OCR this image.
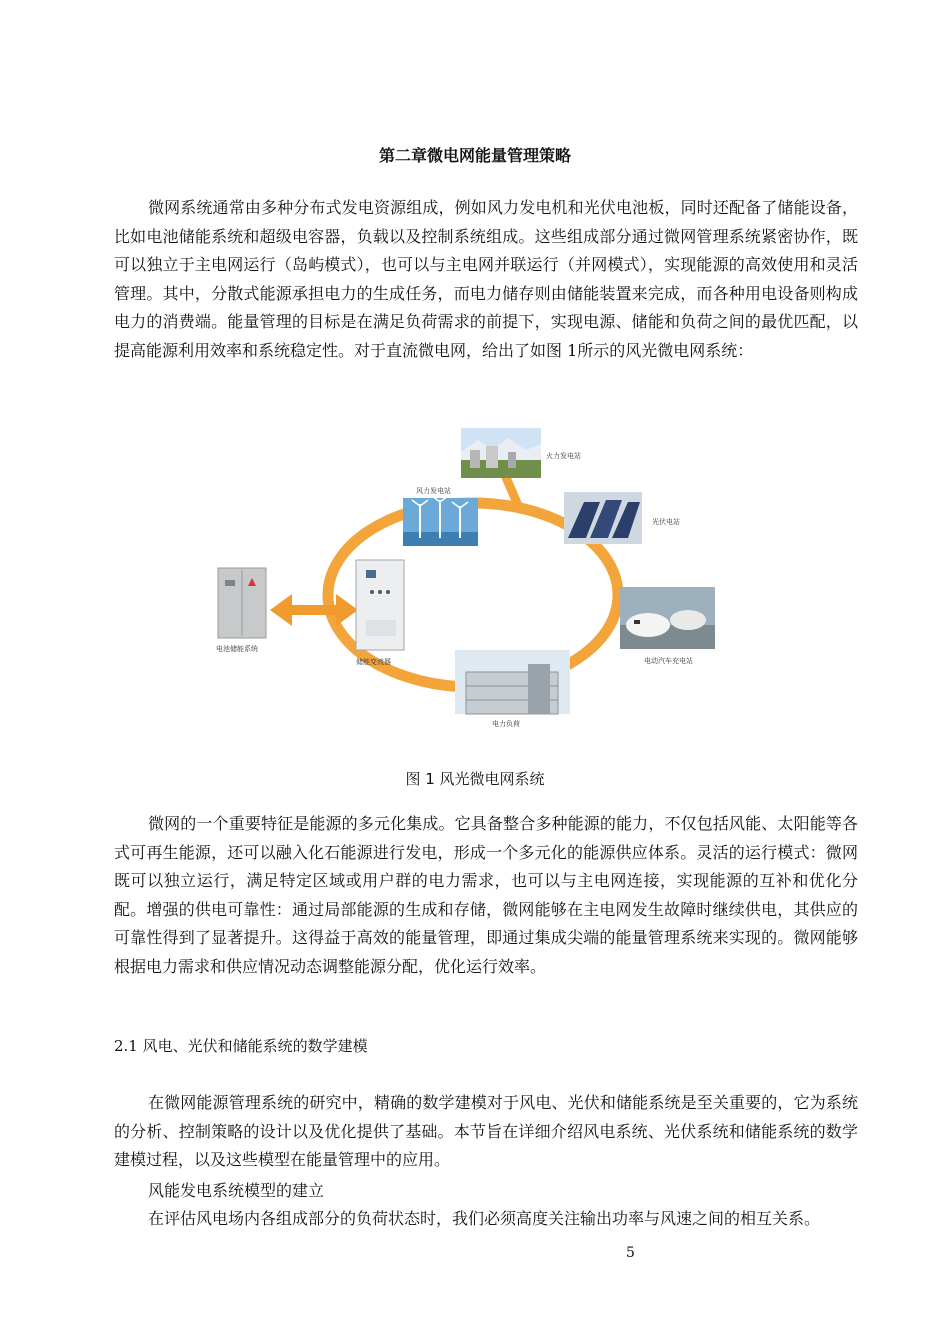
第二章微电网能量管理策略

微网系统通常由多种分布式发电资源组成，例如风力发电机和光伏电池板，同时还配备了储能设备，比如电池储能系统和超级电容器，负载以及控制系统组成。这些组成部分通过微网管理系统紧密协作，既可以独立于主电网运行（岛屿模式），也可以与主电网并联运行（并网模式），实现能源的高效使用和灵活管理。其中，分散式能源承担电力的生成任务，而电力储存则由储能装置来完成，而各种用电设备则构成电力的消费端。能量管理的目标是在满足负荷需求的前提下，实现电源、储能和负荷之间的最优匹配，以提高能源利用效率和系统稳定性。对于直流微电网，给出了如图 1所示的风光微电网系统：

火力发电站
风力发电站
光伏电站
电池储能系统
储能变流器	电动汽车充电站
电力负荷
图 1 风光微电网系统

微网的一个重要特征是能源的多元化集成。它具备整合多种能源的能力，不仅包括风能、太阳能等各式可再生能源，还可以融入化石能源进行发电，形成一个多元化的能源供应体系。灵活的运行模式：微网既可以独立运行，满足特定区域或用户群的电力需求，也可以与主电网连接，实现能源的互补和优化分配。增强的供电可靠性：通过局部能源的生成和存储，微网能够在主电网发生故障时继续供电，其供应的可靠性得到了显著提升。这得益于高效的能量管理，即通过集成尖端的能量管理系统来实现的。微网能够根据电力需求和供应情况动态调整能源分配，优化运行效率。

2.1 风电、光伏和储能系统的数学建模

在微网能源管理系统的研究中，精确的数学建模对于风电、光伏和储能系统是至关重要的，它为系统的分析、控制策略的设计以及优化提供了基础。本节旨在详细介绍风电系统、光伏系统和储能系统的数学建模过程，以及这些模型在能量管理中的应用。

风能发电系统模型的建立

在评估风电场内各组成部分的负荷状态时，我们必须高度关注输出功率与风速之间的相互关系。

5
